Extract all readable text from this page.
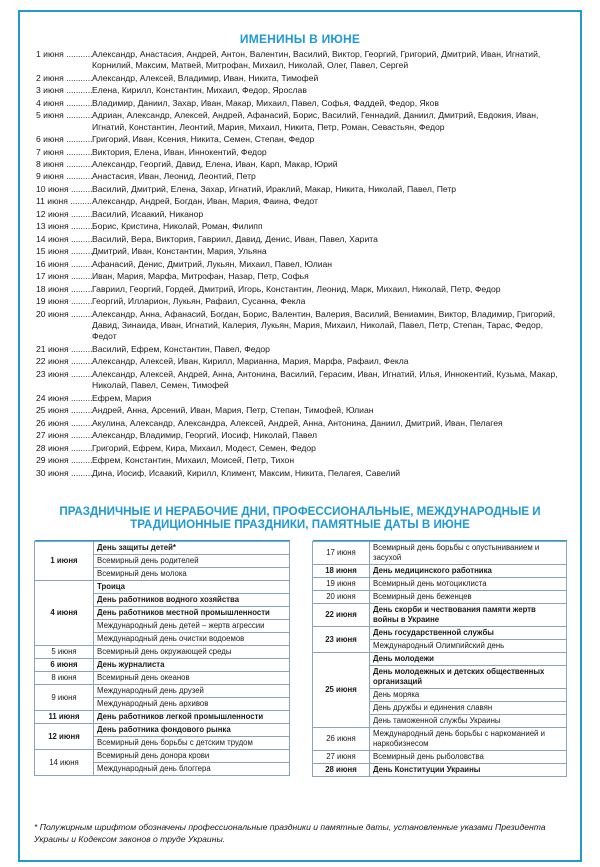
ИМЕНИНЫ В ИЮНЕ
1 июня .....	Александр, Анастасия, Андрей, Антон, Валентин, Василий, Виктор, Георгий, Григорий, Дмитрий, Иван, Игнатий, Корнилий, Максим, Матвей, Митрофан, Михаил, Николай, Олег, Павел, Сергей
2 июня .....	Александр, Алексей, Владимир, Иван, Никита, Тимофей
3 июня .....	Елена, Кирилл, Константин, Михаил, Федор, Ярослав
4 июня .....	Владимир, Даниил, Захар, Иван, Макар, Михаил, Павел, Софья, Фаддей, Федор, Яков
5 июня .....	Адриан, Александр, Алексей, Андрей, Афанасий, Борис, Василий, Геннадий, Даниил, Дмитрий, Евдокия, Иван, Игнатий, Константин, Леонтий, Мария, Михаил, Никита, Петр, Роман, Севастьян, Федор
6 июня .....	Григорий, Иван, Ксения, Никита, Семен, Степан, Федор
7 июня .....	Виктория, Елена, Иван, Иннокентий, Федор
8 июня .....	Александр, Георгий, Давид, Елена, Иван, Карп, Макар, Юрий
9 июня .....	Анастасия, Иван, Леонид, Леонтий, Петр
10 июня .....	Василий, Дмитрий, Елена, Захар, Игнатий, Ираклий, Макар, Никита, Николай, Павел, Петр
11 июня .....	Александр, Андрей, Богдан, Иван, Мария, Фаина, Федот
12 июня .....	Василий, Исаакий, Никанор
13 июня .....	Борис, Кристина, Николай, Роман, Филипп
14 июня .....	Василий, Вера, Виктория, Гавриил, Давид, Денис, Иван, Павел, Харита
15 июня .....	Дмитрий, Иван, Константин, Мария, Ульяна
16 июня .....	Афанасий, Денис, Дмитрий, Лукьян, Михаил, Павел, Юлиан
17 июня .....	Иван, Мария, Марфа, Митрофан, Назар, Петр, Софья
18 июня .....	Гавриил, Георгий, Гордей, Дмитрий, Игорь, Константин, Леонид, Марк, Михаил, Николай, Петр, Федор
19 июня .....	Георгий, Илларион, Лукьян, Рафаил, Сусанна, Фекла
20 июня .....	Александр, Анна, Афанасий, Богдан, Борис, Валентин, Валерия, Василий, Вениамин, Виктор, Владимир, Григорий, Давид, Зинаида, Иван, Игнатий, Калерия, Лукьян, Мария, Михаил, Николай, Павел, Петр, Степан, Тарас, Федор, Федот
21 июня .....	Василий, Ефрем, Константин, Павел, Федор
22 июня .....	Александр, Алексей, Иван, Кирилл, Марианна, Мария, Марфа, Рафаил, Фекла
23 июня .....	Александр, Алексей, Андрей, Анна, Антонина, Василий, Герасим, Иван, Игнатий, Илья, Иннокентий, Кузьма, Макар, Николай, Павел, Семен, Тимофей
24 июня .....	Ефрем, Мария
25 июня .....	Андрей, Анна, Арсений, Иван, Мария, Петр, Степан, Тимофей, Юлиан
26 июня .....	Акулина, Александр, Александра, Алексей, Андрей, Анна, Антонина, Даниил, Дмитрий, Иван, Пелагея
27 июня .....	Александр, Владимир, Георгий, Иосиф, Николай, Павел
28 июня .....	Григорий, Ефрем, Кира, Михаил, Модест, Семен, Федор
29 июня .....	Ефрем, Константин, Михаил, Моисей, Петр, Тихон
30 июня .....	Дина, Иосиф, Исаакий, Кирилл, Климент, Максим, Никита, Пелагея, Савелий
ПРАЗДНИЧНЫЕ И НЕРАБОЧИЕ ДНИ, ПРОФЕССИОНАЛЬНЫЕ, МЕЖДУНАРОДНЫЕ И ТРАДИЦИОННЫЕ ПРАЗДНИКИ, ПАМЯТНЫЕ ДАТЫ В ИЮНЕ

1 июня	День защиты детей*
	Всемирный день родителей
	Всемирный день молока
4 июня	Троица
	День работников водного хозяйства
	День работников местной промышленности
	Международный день детей – жертв агрессии
	Международный день очистки водоемов
5 июня	Всемирный день окружающей среды
6 июня	День журналиста
8 июня	Всемирный день океанов
9 июня	Международный день друзей
	Международный день архивов
11 июня	День работников легкой промышленности
12 июня	День работника фондового рынка
	Всемирный день борьбы с детским трудом
14 июня	Всемирный день донора крови
	Международный день блоггера

17 июня	Всемирный день борьбы с опустыниванием и засухой
18 июня	День медицинского работника
19 июня	Всемирный день мотоциклиста
20 июня	Всемирный день беженцев
22 июня	День скорби и чествования памяти жертв войны в Украине
23 июня	День государственной службы
	Международный Олимпийский день
25 июня	День молодежи
	День молодежных и детских общественных организаций
	День моряка
	День дружбы и единения славян
	День таможенной службы Украины
26 июня	Международный день борьбы с наркоманией и наркобизнесом
27 июня	Всемирный день рыболовства
28 июня	День Конституции Украины
* Полужирным шрифтом обозначены профессиональные праздники и памятные даты, установленные указами Президента Украины и Кодексом законов о труде Украины.
